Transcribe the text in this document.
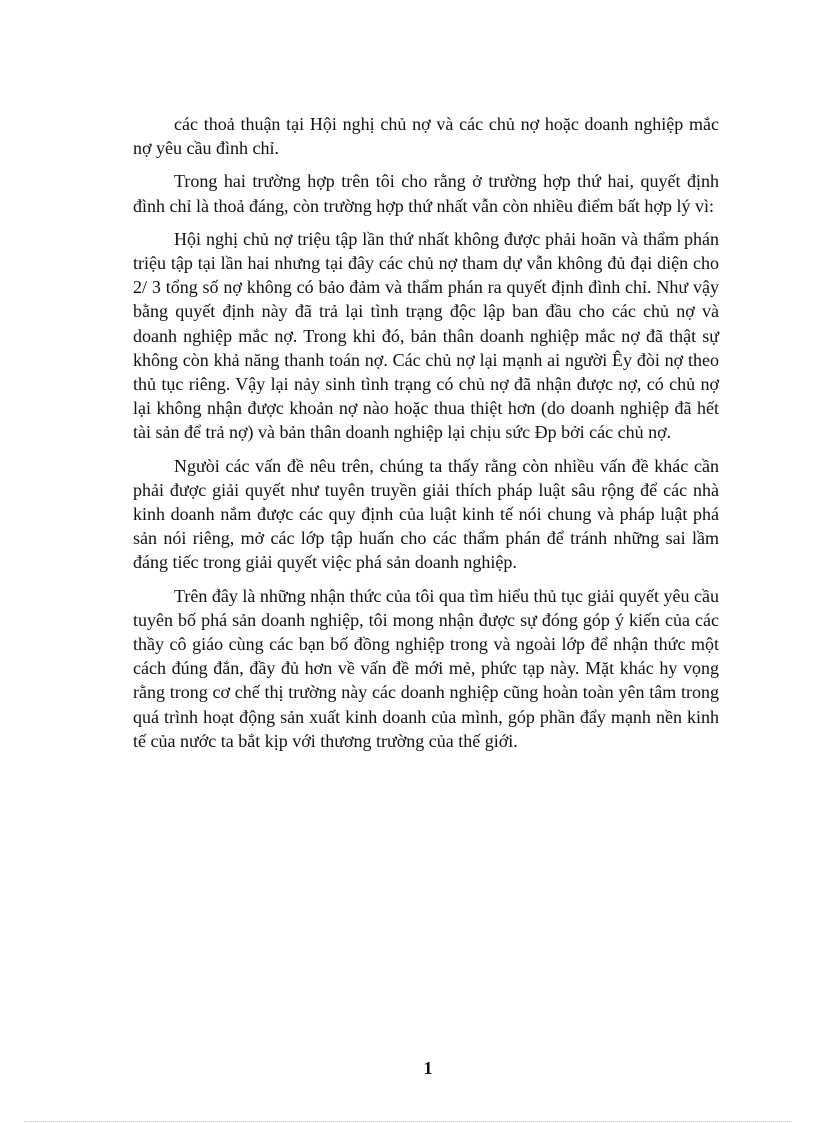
các thoả thuận tại Hội nghị chủ nợ và các chủ nợ hoặc doanh nghiệp mắc nợ yêu cầu đình chỉ.

Trong hai trường hợp trên tôi cho rằng ở trường hợp thứ hai, quyết định đình chỉ là thoả đáng, còn trường hợp thứ nhất vẫn còn nhiều điểm bất hợp lý vì:

Hội nghị chủ nợ triệu tập lần thứ nhất không được phải hoãn và thẩm phán triệu tập tại lần hai nhưng tại đây các chủ nợ tham dự vẫn không đủ đại diện cho 2/ 3 tổng số nợ không có bảo đảm và thẩm phán ra quyết định đình chỉ. Như vậy bằng quyết định này đã trả lại tình trạng độc lập ban đầu cho các chủ nợ và doanh nghiệp mắc nợ. Trong khi đó, bản thân doanh nghiệp mắc nợ đã thật sự không còn khả năng thanh toán nợ. Các chủ nợ lại mạnh ai người Êy đòi nợ theo thủ tục riêng. Vậy lại nảy sinh tình trạng có chủ nợ đã nhận được nợ, có chủ nợ lại không nhận được khoản nợ nào hoặc thua thiệt hơn (do doanh nghiệp đã hết tài sản để trả nợ) và bản thân doanh nghiệp lại chịu sức Ðp bởi các chủ nợ.

Ngưòi các vấn đề nêu trên, chúng ta thấy rằng còn nhiều vấn đề khác cần phải được giải quyết như tuyên truyền giải thích pháp luật sâu rộng để các nhà kinh doanh nắm được các quy định của luật kinh tế nói chung và pháp luật phá sản nói riêng, mở các lớp tập huấn cho các thẩm phán để tránh những sai lầm đáng tiếc trong giải quyết việc phá sản doanh nghiệp.

Trên đây là những nhận thức của tôi qua tìm hiểu thủ tục giải quyết yêu cầu tuyên bố phá sản doanh nghiệp, tôi mong nhận được sự đóng góp ý kiến của các thầy cô giáo cùng các bạn bố đồng nghiệp trong và ngoài lớp để nhận thức một cách đúng đắn, đầy đủ hơn về vấn đề mới mẻ, phức tạp này. Mặt khác hy vọng rằng trong cơ chế thị trường này các doanh nghiệp cũng hoàn toàn yên tâm trong quá trình hoạt động sản xuất kinh doanh của mình, góp phần đẩy mạnh nền kinh tế của nước ta bắt kịp với thương trường của thế giới.

1
